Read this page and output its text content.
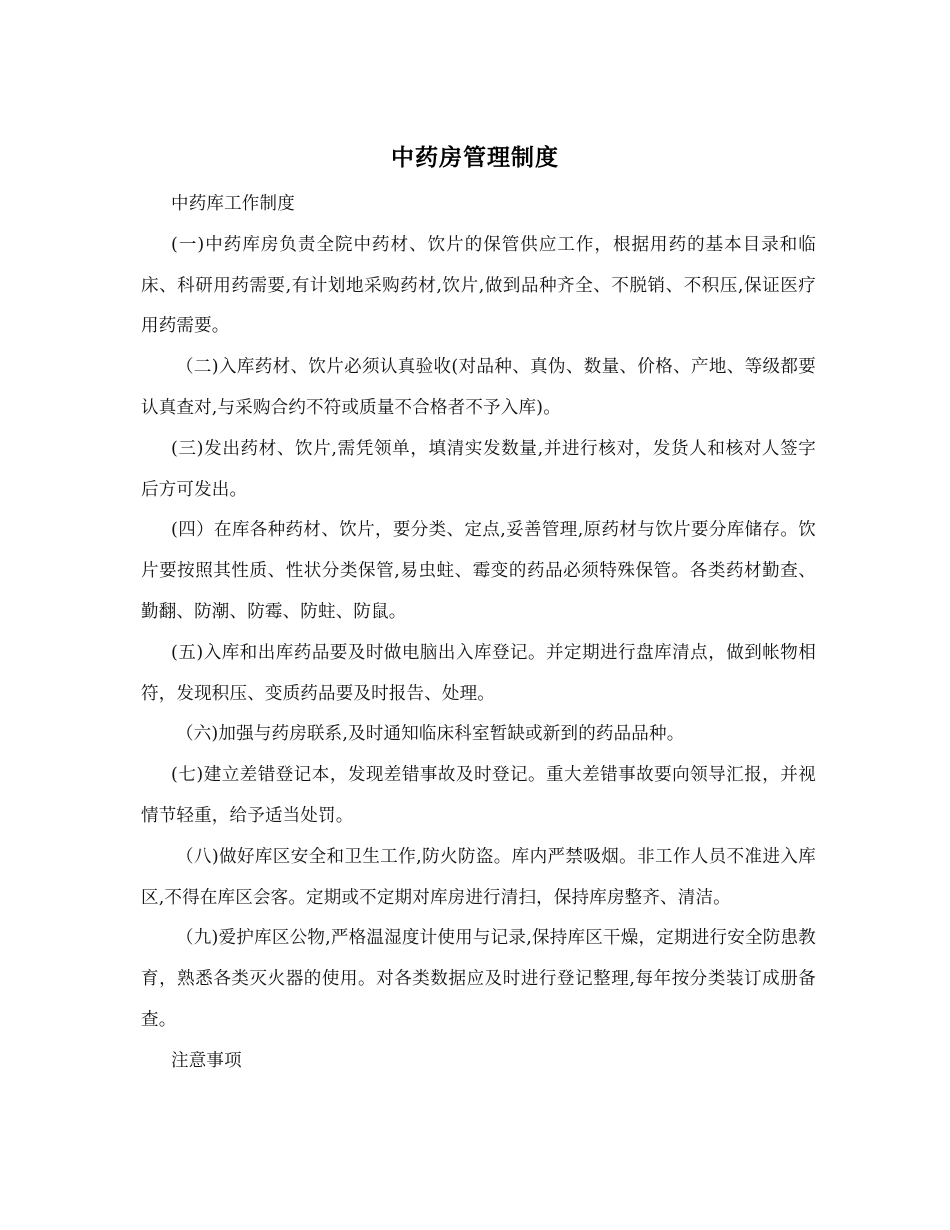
中药房管理制度

中药库工作制度

(一)中药库房负责全院中药材、饮片的保管供应工作，根据用药的基本目录和临床、科研用药需要,有计划地采购药材,饮片,做到品种齐全、不脱销、不积压,保证医疗用药需要。

（二)入库药材、饮片必须认真验收(对品种、真伪、数量、价格、产地、等级都要认真查对,与采购合约不符或质量不合格者不予入库)。

(三)发出药材、饮片,需凭领单，填清实发数量,并进行核对，发货人和核对人签字后方可发出。

(四）在库各种药材、饮片，要分类、定点,妥善管理,原药材与饮片要分库储存。饮片要按照其性质、性状分类保管,易虫蛀、霉变的药品必须特殊保管。各类药材勤查、勤翻、防潮、防霉、防蛀、防鼠。

(五)入库和出库药品要及时做电脑出入库登记。并定期进行盘库清点，做到帐物相符，发现积压、变质药品要及时报告、处理。

（六)加强与药房联系,及时通知临床科室暂缺或新到的药品品种。

(七)建立差错登记本，发现差错事故及时登记。重大差错事故要向领导汇报，并视情节轻重，给予适当处罚。

（八)做好库区安全和卫生工作,防火防盗。库内严禁吸烟。非工作人员不准进入库区,不得在库区会客。定期或不定期对库房进行清扫，保持库房整齐、清洁。

（九)爱护库区公物,严格温湿度计使用与记录,保持库区干燥，定期进行安全防患教育，熟悉各类灭火器的使用。对各类数据应及时进行登记整理,每年按分类装订成册备查。

注意事项
